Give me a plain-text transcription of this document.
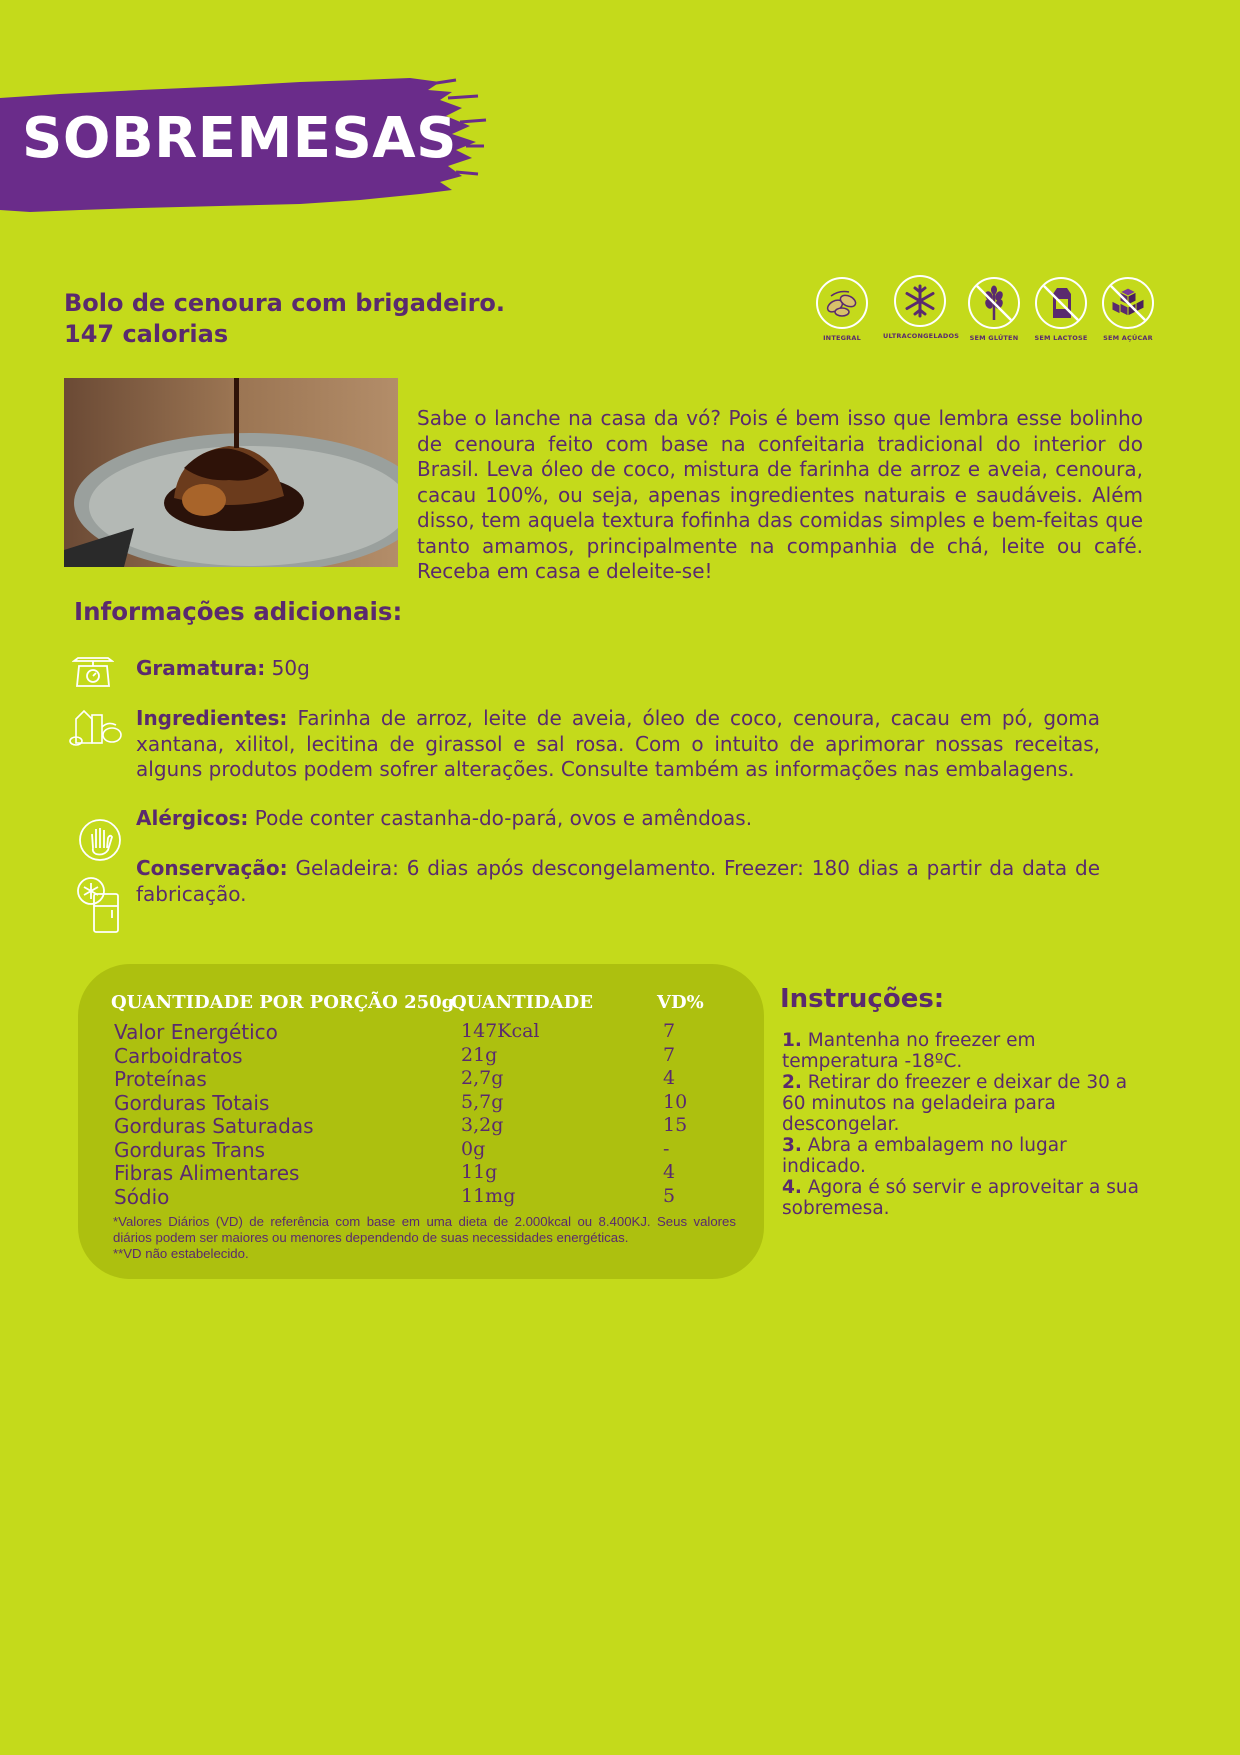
SOBREMESAS
Bolo de cenoura com brigadeiro.
147 calorias	INTEGRAL	ULTRACONGELADOS	SEM GLÚTEN	SEM LACTOSE	SEM AÇÚCAR

Sabe o lanche na casa da vó? Pois é bem isso que lembra esse bolinho de cenoura feito com base na confeitaria tradicional do interior do Brasil. Leva óleo de coco, mistura de farinha de arroz e aveia, cenoura, cacau 100%, ou seja, apenas ingredientes naturais e saudáveis. Além disso, tem aquela textura fofinha das comidas simples e bem-feitas que tanto amamos, principalmente na companhia de chá, leite ou café. Receba em casa e deleite-se!

Informações adicionais:

Gramatura: 50g

Ingredientes: Farinha de arroz, leite de aveia, óleo de coco, cenoura, cacau em pó, goma xantana, xilitol, lecitina de girassol e sal rosa. Com o intuito de aprimorar nossas receitas, alguns produtos podem sofrer alterações. Consulte também as informações nas embalagens.

Alérgicos: Pode conter castanha-do-pará, ovos e amêndoas.

Conservação: Geladeira: 6 dias após descongelamento. Freezer: 180 dias a partir da data de fabricação.

QUANTIDADE POR PORÇÃO 250g
QUANTIDADE	VD%
Valor Energético	147Kcal	7
Carboidratos	21g	7
Proteínas	2,7g	4
Gorduras Totais	5,7g	10
Gorduras Saturadas	3,2g	15
Gorduras Trans	0g	-
Fibras Alimentares	11g	4
Sódio	11mg	5

*Valores Diários (VD) de referência com base em uma dieta de 2.000kcal ou 8.400KJ. Seus valores diários podem ser maiores ou menores dependendo de suas necessidades energéticas.
**VD não estabelecido.

Instruções:
1. Mantenha no freezer em temperatura -18ºC.
2. Retirar do freezer e deixar de 30 a 60 minutos na geladeira para descongelar.
3. Abra a embalagem no lugar indicado.
4. Agora é só servir e aproveitar a sua sobremesa.
